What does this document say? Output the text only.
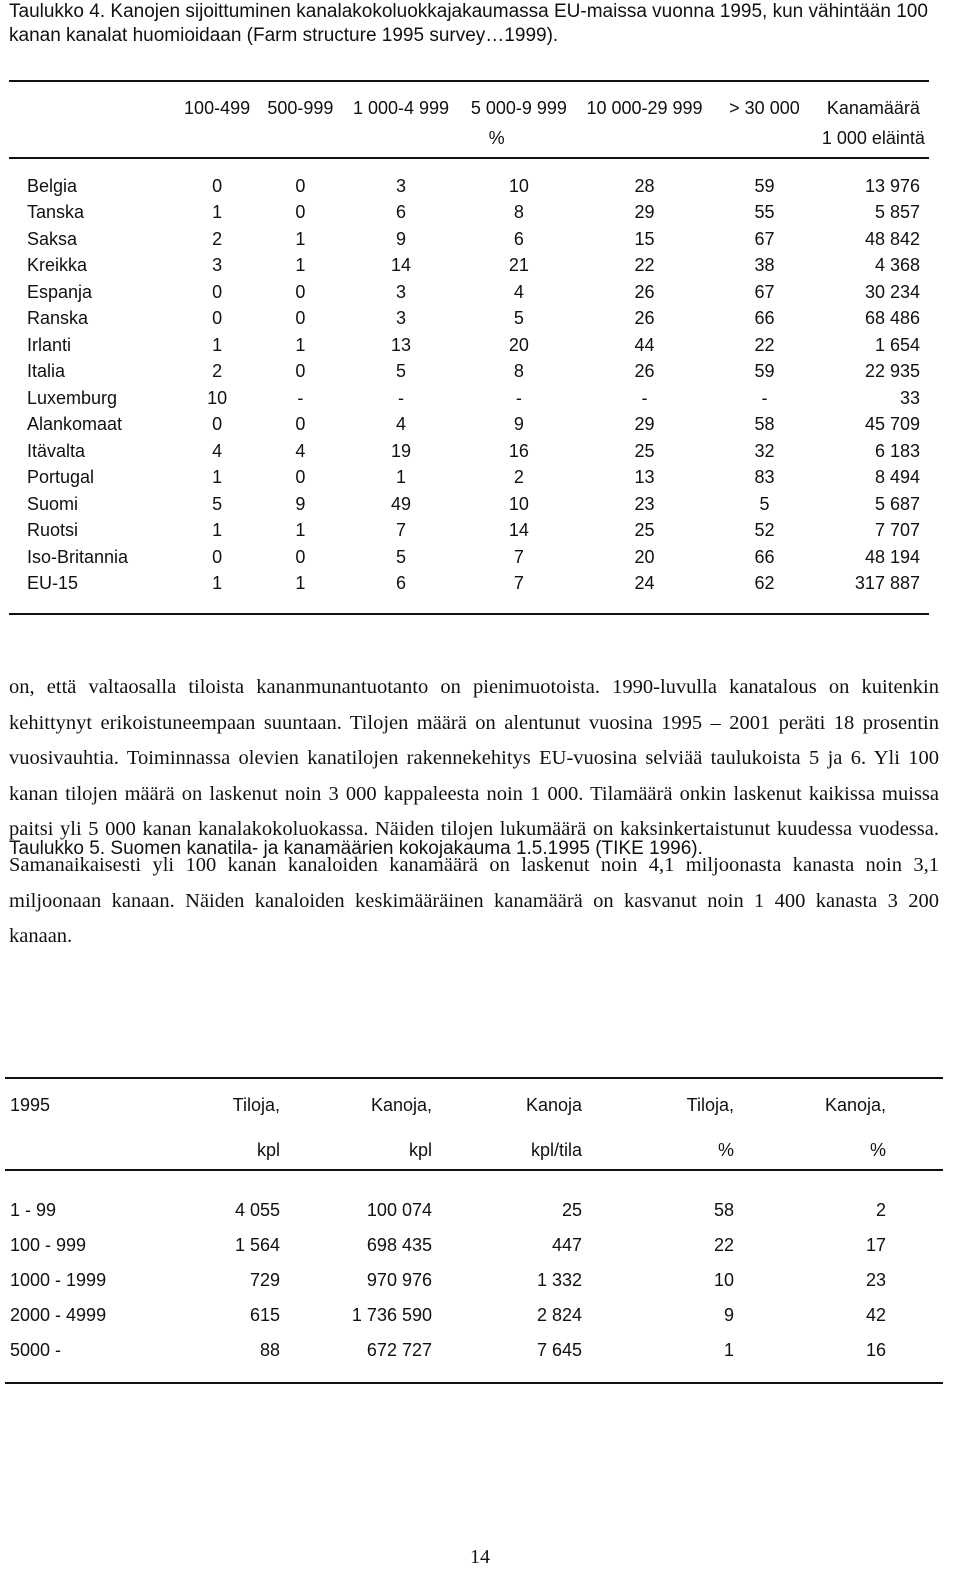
Taulukko 4. Kanojen sijoittuminen kanalakokoluokkajakaumassa EU-maissa vuonna 1995, kun vähintään 100 kanan kanalat huomioidaan (Farm structure 1995 survey…1999).
	100-499	500-999	1 000-4 999	5 000-9 999	10 000-29 999	> 30 000	Kanamäärä
	%						1 000 eläintä

Belgia	0	0	3	10	28	59	13 976
Tanska	1	0	6	8	29	55	5 857
Saksa	2	1	9	6	15	67	48 842
Kreikka	3	1	14	21	22	38	4 368
Espanja	0	0	3	4	26	67	30 234
Ranska	0	0	3	5	26	66	68 486
Irlanti	1	1	13	20	44	22	1 654
Italia	2	0	5	8	26	59	22 935
Luxemburg	10	-	-	-	-	-	33
Alankomaat	0	0	4	9	29	58	45 709
Itävalta	4	4	19	16	25	32	6 183
Portugal	1	0	1	2	13	83	8 494
Suomi	5	9	49	10	23	5	5 687
Ruotsi	1	1	7	14	25	52	7 707
Iso-Britannia	0	0	5	7	20	66	48 194
EU-15	1	1	6	7	24	62	317 887

on, että valtaosalla tiloista kananmunantuotanto on pienimuotoista. 1990-luvulla kanatalous on kuitenkin kehittynyt erikoistuneempaan suuntaan. Tilojen määrä on alentunut vuosina 1995 – 2001 peräti 18 prosentin vuosivauhtia. Toiminnassa olevien kanatilojen rakennekehitys EU-vuosina selviää taulukoista 5 ja 6. Yli 100 kanan tilojen määrä on laskenut noin 3 000 kappaleesta noin 1 000. Tilamäärä onkin laskenut kaikissa muissa paitsi yli 5 000 kanan kanalakokoluokassa. Näiden tilojen lukumäärä on kaksinkertaistunut kuudessa vuodessa. Samanaikaisesti yli 100 kanan kanaloiden kanamäärä on laskenut noin 4,1 miljoonasta kanasta noin 3,1 miljoonaan kanaan. Näiden kanaloiden keskimääräinen kanamäärä on kasvanut noin 1 400 kanasta 3 200 kanaan.
Taulukko 5. Suomen kanatila- ja kanamäärien kokojakauma 1.5.1995 (TIKE 1996).
1995	Tiloja,	Kanoja,	Kanoja	Tiloja,	Kanoja,	
	kpl	kpl	kpl/tila	%	%	

1 - 99	4 055	100 074	25	58	2	
100 - 999	1 564	698 435	447	22	17	
1000 - 1999	729	970 976	1 332	10	23	
2000 - 4999	615	1 736 590	2 824	9	42	
5000 -	88	672 727	7 645	1	16	

14
